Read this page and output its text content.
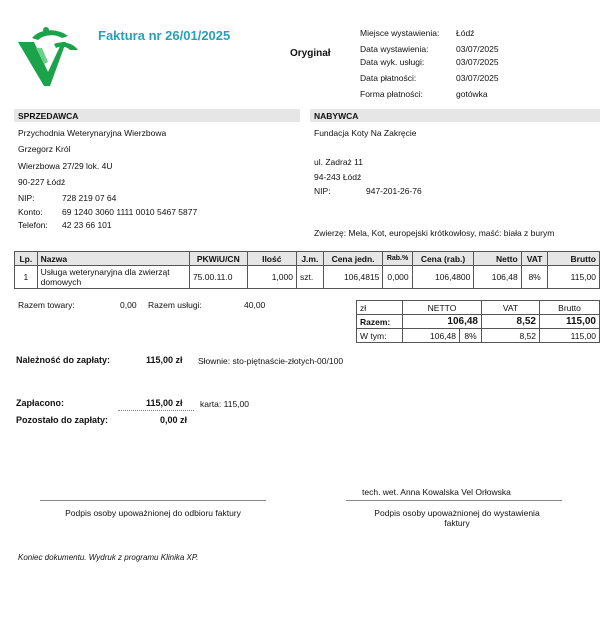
Faktura nr 26/01/2025
Oryginał
Miejsce wystawienia: Łódź
Data wystawienia:	03/07/2025
Data wyk. usługi:	03/07/2025
Data płatności:	03/07/2025
Forma płatności:	gotówka
SPRZEDAWCA
Przychodnia Weterynaryjna Wierzbowa
Grzegorz Król
Wierzbowa 27/29 lok. 4U
90-227 Łódź
NIP:	728 219 07 64
Konto: 69 1240 3060 1111 0010 5467 5877
Telefon: 42 23 66 101
NABYWCA
Fundacja Koty Na Zakręcie
ul. Zadraż 11
94-243 Łódź
NIP:	947-201-26-76
Zwierzę: Mela, Kot, europejski krótkowłosy, maść: biała z burym
Lp.	Nazwa	PKWiU/CN	Ilość	J.m.	Cena jedn.	Rab.%	Cena (rab.)	Netto	VAT	Brutto
1	Usługa weterynaryjna dla zwierząt domowych	75.00.11.0	1,000	szt.	106,4815	0,000	106,4800	106,48	8%	115,00
Razem towary:	0,00 Razem usługi:	40,00	zł	NETTO		VAT	Brutto
Razem:	106,48		8,52	115,00
W tym:	106,48	8%	8,52	115,00
Należność do zapłaty:	115,00 zł Słownie: sto-piętnaście-złotych-00/100
Zapłacono:	115,00 zł karta: 115,00
Pozostało do zapłaty:	0,00 zł
tech. wet. Anna Kowalska Vel Orłowska
Podpis osoby upoważnionej do odbioru faktury	Podpis osoby upoważnionej do wystawienia faktury
Koniec dokumentu. Wydruk z programu Klinika XP.
